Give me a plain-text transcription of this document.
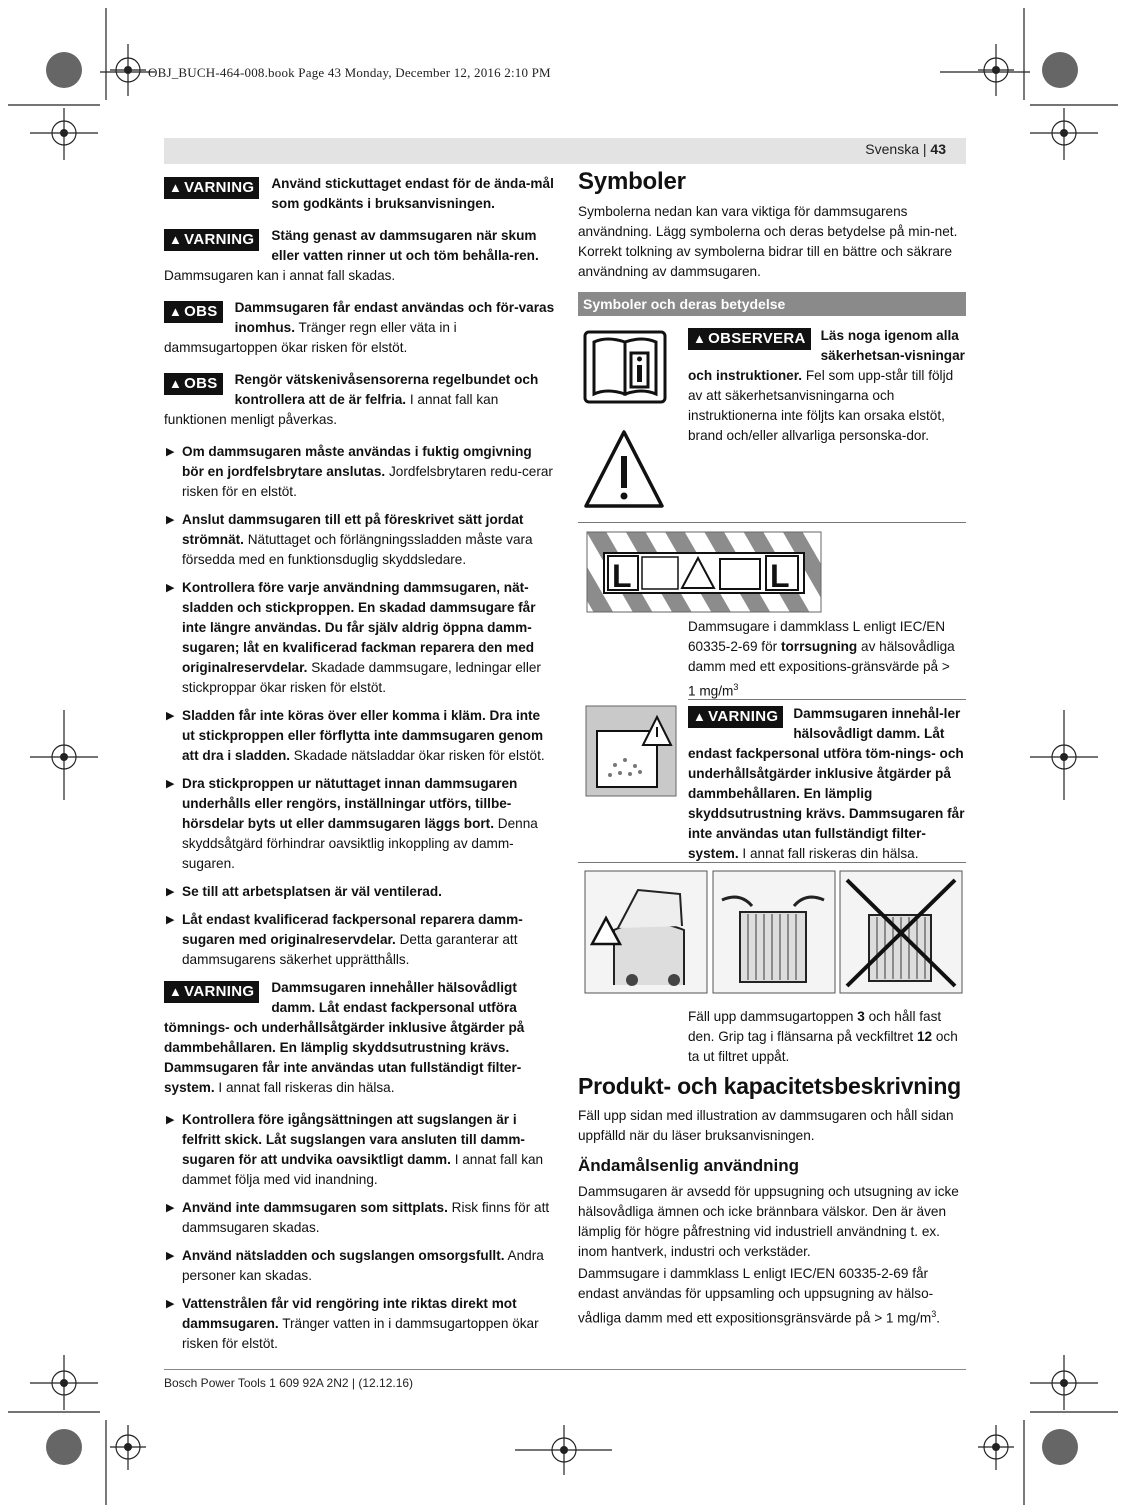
OBJ_BUCH-464-008.book Page 43 Monday, December 12, 2016 2:10 PM
Svenska | 43
▲ VARNING	Använd stickuttaget endast för de ända-mål som godkänts i bruksanvisningen.
▲ VARNING	Stäng genast av dammsugaren när skum eller vatten rinner ut och töm behålla-ren. Dammsugaren kan i annat fall skadas.
▲ OBS	Dammsugaren får endast användas och för-varas inomhus. Tränger regn eller väta in i dammsugartoppen ökar risken för elstöt.
▲ OBS	Rengör vätskenivåsensorerna regelbundet och kontrollera att de är felfria. I annat fall kan funktionen menligt påverkas.
▶ Om dammsugaren måste användas i fuktig omgivning bör en jordfelsbrytare anslutas. Jordfelsbrytaren redu-cerar risken för en elstöt.
▶ Anslut dammsugaren till ett på föreskrivet sätt jordat strömnät. Nätuttaget och förlängningssladden måste vara försedda med en funktionsduglig skyddsledare.
▶ Kontrollera före varje användning dammsugaren, nät-sladden och stickproppen. En skadad dammsugare får inte längre användas. Du får själv aldrig öppna damm-sugaren; låt en kvalificerad fackman reparera den med originalreservdelar. Skadade dammsugare, ledningar eller stickproppar ökar risken för elstöt.
▶ Sladden får inte köras över eller komma i kläm. Dra inte ut stickproppen eller förflytta inte dammsugaren genom att dra i sladden. Skadade nätsladdar ökar risken för elstöt.
▶ Dra stickproppen ur nätuttaget innan dammsugaren underhålls eller rengörs, inställningar utförs, tillbe-hörsdelar byts ut eller dammsugaren läggs bort. Denna skyddsåtgärd förhindrar oavsiktlig inkoppling av damm-sugaren.
▶ Se till att arbetsplatsen är väl ventilerad.
▶ Låt endast kvalificerad fackpersonal reparera damm-sugaren med originalreservdelar. Detta garanterar att dammsugarens säkerhet upprätthålls.
▲ VARNING	Dammsugaren innehåller hälsovådligt damm. Låt endast fackpersonal utföra tömnings- och underhållsåtgärder inklusive åtgärder på dammbehållaren. En lämplig skyddsutrustning krävs. Dammsugaren får inte användas utan fullständigt filter-system. I annat fall riskeras din hälsa.
▶ Kontrollera före igångsättningen att sugslangen är i felfritt skick. Låt sugslangen vara ansluten till damm-sugaren för att undvika oavsiktligt damm. I annat fall kan dammet följa med vid inandning.
▶ Använd inte dammsugaren som sittplats. Risk finns för att dammsugaren skadas.
▶ Använd nätsladden och sugslangen omsorgsfullt. Andra personer kan skadas.
▶ Vattenstrålen får vid rengöring inte riktas direkt mot dammsugaren. Tränger vatten in i dammsugartoppen ökar risken för elstöt.
Symboler

Symbolerna nedan kan vara viktiga för dammsugarens användning. Lägg symbolerna och deras betydelse på min-net. Korrekt tolkning av symbolerna bidrar till en bättre och säkrare användning av dammsugaren.

Symboler och deras betydelse
▲ OBSERVERA	Läs noga igenom alla säkerhetsan-visningar och instruktioner. Fel som upp-står till följd av att säkerhetsanvisningarna och instruktionerna inte följts kan orsaka elstöt, brand och/eller allvarliga personska-dor.
L	L
Dammsugare i dammklass L enligt IEC/EN 60335-2-69 för torrsugning av hälsovådliga damm med ett expositions-gränsvärde på > 1 $mg/m^3$
▲ VARNING	Dammsugaren innehål-ler hälsovådligt damm. Låt endast fackpersonal utföra töm-nings- och underhållsåtgärder inklusive åtgärder på dammbehållaren. En lämplig skyddsutrustning krävs. Dammsugaren får inte användas utan fullständigt filter-system. I annat fall riskeras din hälsa.
Fäll upp dammsugartoppen 3 och håll fast den. Grip tag i flänsarna på veckfiltret 12 och ta ut filtret uppåt.
Produkt- och kapacitetsbeskrivning

Fäll upp sidan med illustration av dammsugaren och håll sidan uppfälld när du läser bruksanvisningen.

Ändamålsenlig användning

Dammsugaren är avsedd för uppsugning och utsugning av icke hälsovådliga ämnen och icke brännbara välskor. Den är även lämplig för högre påfrestning vid industriell användning t. ex. inom hantverk, industri och verkstäder.

Dammsugare i dammklass L enligt IEC/EN 60335-2-69 får endast användas för uppsamling och uppsugning av hälso-vådliga damm med ett expositionsgränsvärde på > 1 $mg/m^3$.

Bosch Power Tools 1 609 92A 2N2 | (12.12.16)
